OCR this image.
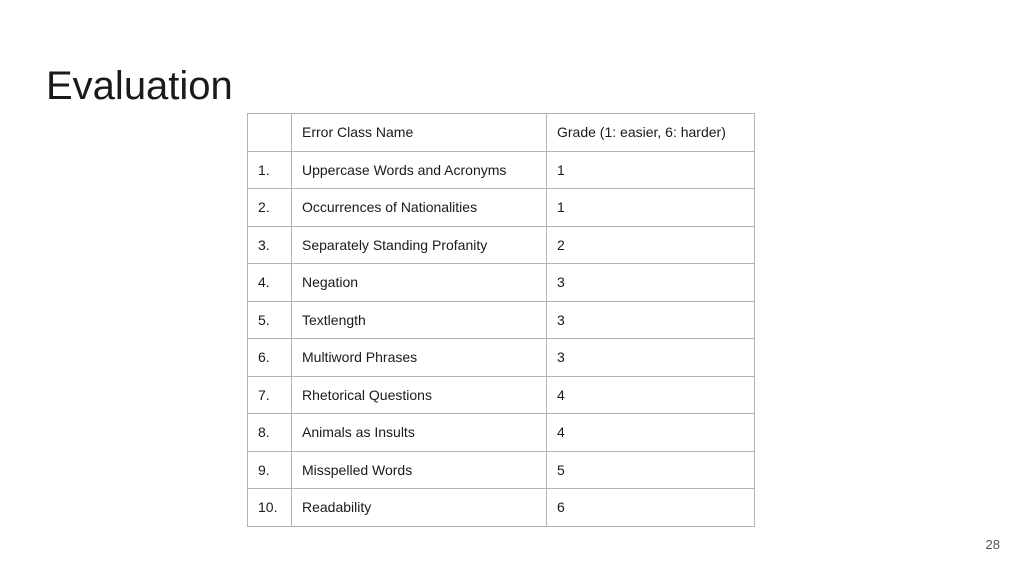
Evaluation
	Error Class Name	Grade (1: easier, 6: harder)
1.	Uppercase Words and Acronyms	1
2.	Occurrences of Nationalities	1
3.	Separately Standing Profanity	2
4.	Negation	3
5.	Textlength	3
6.	Multiword Phrases	3
7.	Rhetorical Questions	4
8.	Animals as Insults	4
9.	Misspelled Words	5
10.	Readability	6
28
